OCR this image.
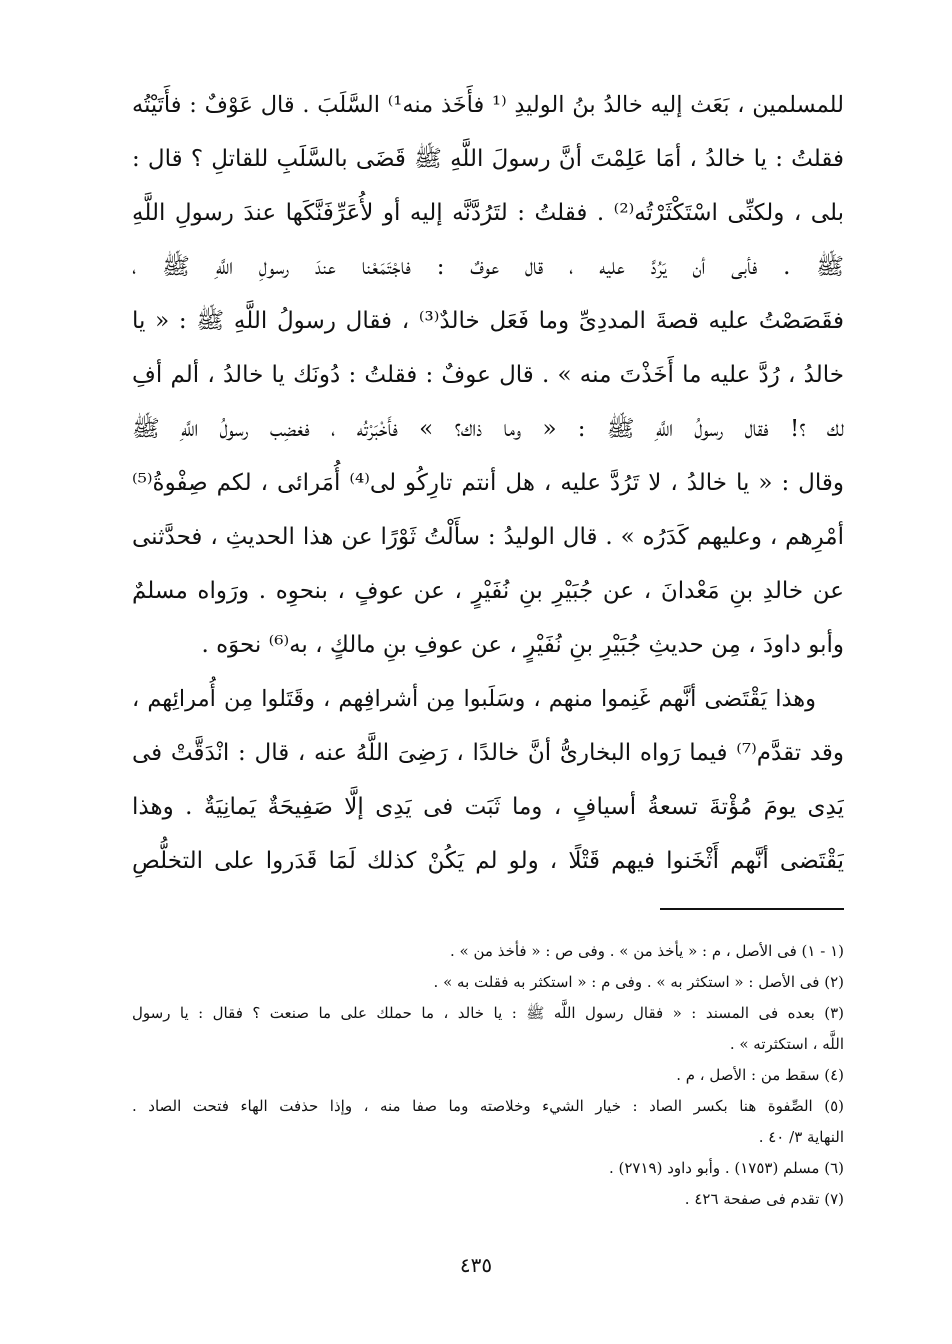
للمسلمين ، بَعَث إليه خالدُ بنُ الوليدِ ⁽¹ فأَخَذ منه¹⁾ السَّلَبَ . قال عَوْفٌ : فأَتَيْتُه
فقلتُ : يا خالدُ ، أمَا عَلِمْتَ أنَّ رسولَ اللَّهِ ﷺ قَضَى بالسَّلَبِ للقاتلِ ؟ قال :
بلى ، ولكنِّى اسْتَكْثَرْتُه⁽²⁾ . فقلتُ : لتَرُدَّنَّه إليه أو لأُعَرِّفَنَّكَها عندَ رسولِ اللَّهِ
ﷺ . فأبى أن يَرُدَّ عليه ، قال عوفٌ : فاجْتَمَعْنا عندَ رسولِ اللَّهِ ﷺ ،
فقَصَصْتُ عليه قصةَ المددِىِّ وما فَعَل خالدٌ⁽³⁾ ، فقال رسولُ اللَّهِ ﷺ : « يا
خالدُ ، رُدَّ عليه ما أَخَذْتَ منه » . قال عوفٌ : فقلتُ : دُونَك يا خالدُ ، ألم أفِ
لك ؟! فقال رسولُ اللَّهِ ﷺ : « وما ذاك؟ » فأَخْبَرْتُه ، فغضِب رسولُ اللَّهِ ﷺ
وقال : « يا خالدُ ، لا تَرُدَّ عليه ، هل أنتم تارِكُو لى⁽⁴⁾ أُمَرائى ، لكم صِفْوةُ⁽⁵⁾
أمْرِهم ، وعليهم كَدَرُه » . قال الوليدُ : سأَلْتُ ثَوْرًا عن هذا الحديثِ ، فحدَّثنى
عن خالدِ بنِ مَعْدانَ ، عن جُبَيْرِ بنِ نُفَيْرٍ ، عن عوفٍ ، بنحوِه . ورَواه مسلمٌ
وأبو داودَ ، مِن حديثِ جُبَيْرِ بنِ نُفَيْرٍ ، عن عوفِ بنِ مالكٍ ، به⁽⁶⁾ نحوَه .
وهذا يَقْتَضى أنَّهم غَنِموا منهم ، وسَلَبوا مِن أشرافِهم ، وقَتَلوا مِن أُمرائِهم ،
وقد تقدَّم⁽⁷⁾ فيما رَواه البخارىُّ أنَّ خالدًا ، رَضِىَ اللَّهُ عنه ، قال : انْدَقَّتْ فى
يَدِى يومَ مُؤْتةَ تسعةُ أسيافٍ ، وما ثَبَت فى يَدِى إلَّا صَفِيحَةٌ يَمانِيَةٌ . وهذا
يَقْتَضى أنَّهم أَثْخَنوا فيهم قَتْلًا ، ولو لم يَكُنْ كذلك لَمَا قَدَروا على التخلُّصِ
(١ - ١) فى الأصل ، م : « يأخذ من » . وفى ص : « فأخذ من » .
(٢) فى الأصل : « استكثر به » . وفى م : « استكثر به فقلت به » .
(٣) بعده فى المسند : « فقال رسول اللَّه ﷺ : يا خالد ، ما حملك على ما صنعت ؟ فقال : يا رسول
اللَّه ، استكثرته » .
(٤) سقط من : الأصل ، م .
(٥) الصِّفوة هنا بكسر الصاد : خيار الشيء وخلاصته وما صفا منه ، وإذا حذفت الهاء فتحت الصاد .
النهاية ٣/ ٤٠ .
(٦) مسلم (١٧٥٣) . وأبو داود (٢٧١٩) .
(٧) تقدم فى صفحة ٤٢٦ .
٤٣٥
